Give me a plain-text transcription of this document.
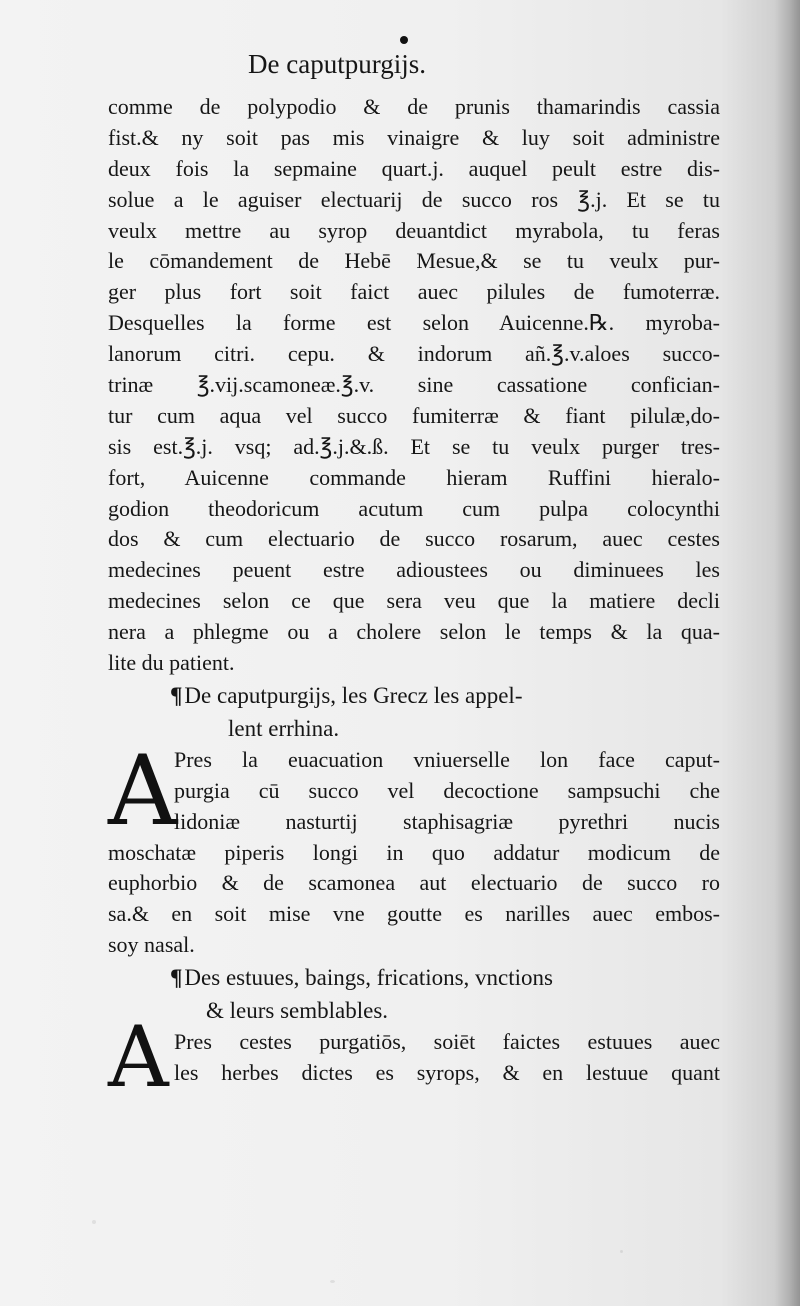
De caputpurgijs.
comme de polypodio & de prunis thamarindis cassia
fist.& ny soit pas mis vinaigre & luy soit administre
deux fois la sepmaine quart.j. auquel peult estre dis-
solue a le aguiser electuarij de succo ros ℥.j. Et se tu
veulx mettre au syrop deuantdict myrabola, tu feras
le cōmandement de Hebē Mesue,& se tu veulx pur-
ger plus fort soit faict auec pilules de fumoterræ.
Desquelles la forme est selon Auicenne.℞. myroba-
lanorum citri. cepu. & indorum añ.℥.v.aloes succo-
trinæ ℥.vij.scamoneæ.℥.v. sine cassatione confician-
tur cum aqua vel succo fumiterræ & fiant pilulæ,do-
sis est.℥.j. vsq; ad.℥.j.&.ß. Et se tu veulx purger tres-
fort, Auicenne commande hieram Ruffini hieralo-
godion theodoricum acutum cum pulpa colocynthi
dos & cum electuario de succo rosarum, auec cestes
medecines peuent estre adioustees ou diminuees les
medecines selon ce que sera veu que la matiere decli
nera a phlegme ou a cholere selon le temps & la qua-
lite du patient.
¶De caputpurgijs, les Grecz les appel-
lent errhina.
A
Pres la euacuation vniuerselle lon face caput-
purgia cū succo vel decoctione sampsuchi che
lidoniæ nasturtij staphisagriæ pyrethri nucis
moschatæ piperis longi in quo addatur modicum de
euphorbio & de scamonea aut electuario de succo ro
sa.& en soit mise vne goutte es narilles auec embos-
soy nasal.
¶Des estuues, baings, frications, vnctions
& leurs semblables.
A Pres cestes purgatiōs, soiēt faictes estuues auec
les herbes dictes es syrops, & en lestuue quant
